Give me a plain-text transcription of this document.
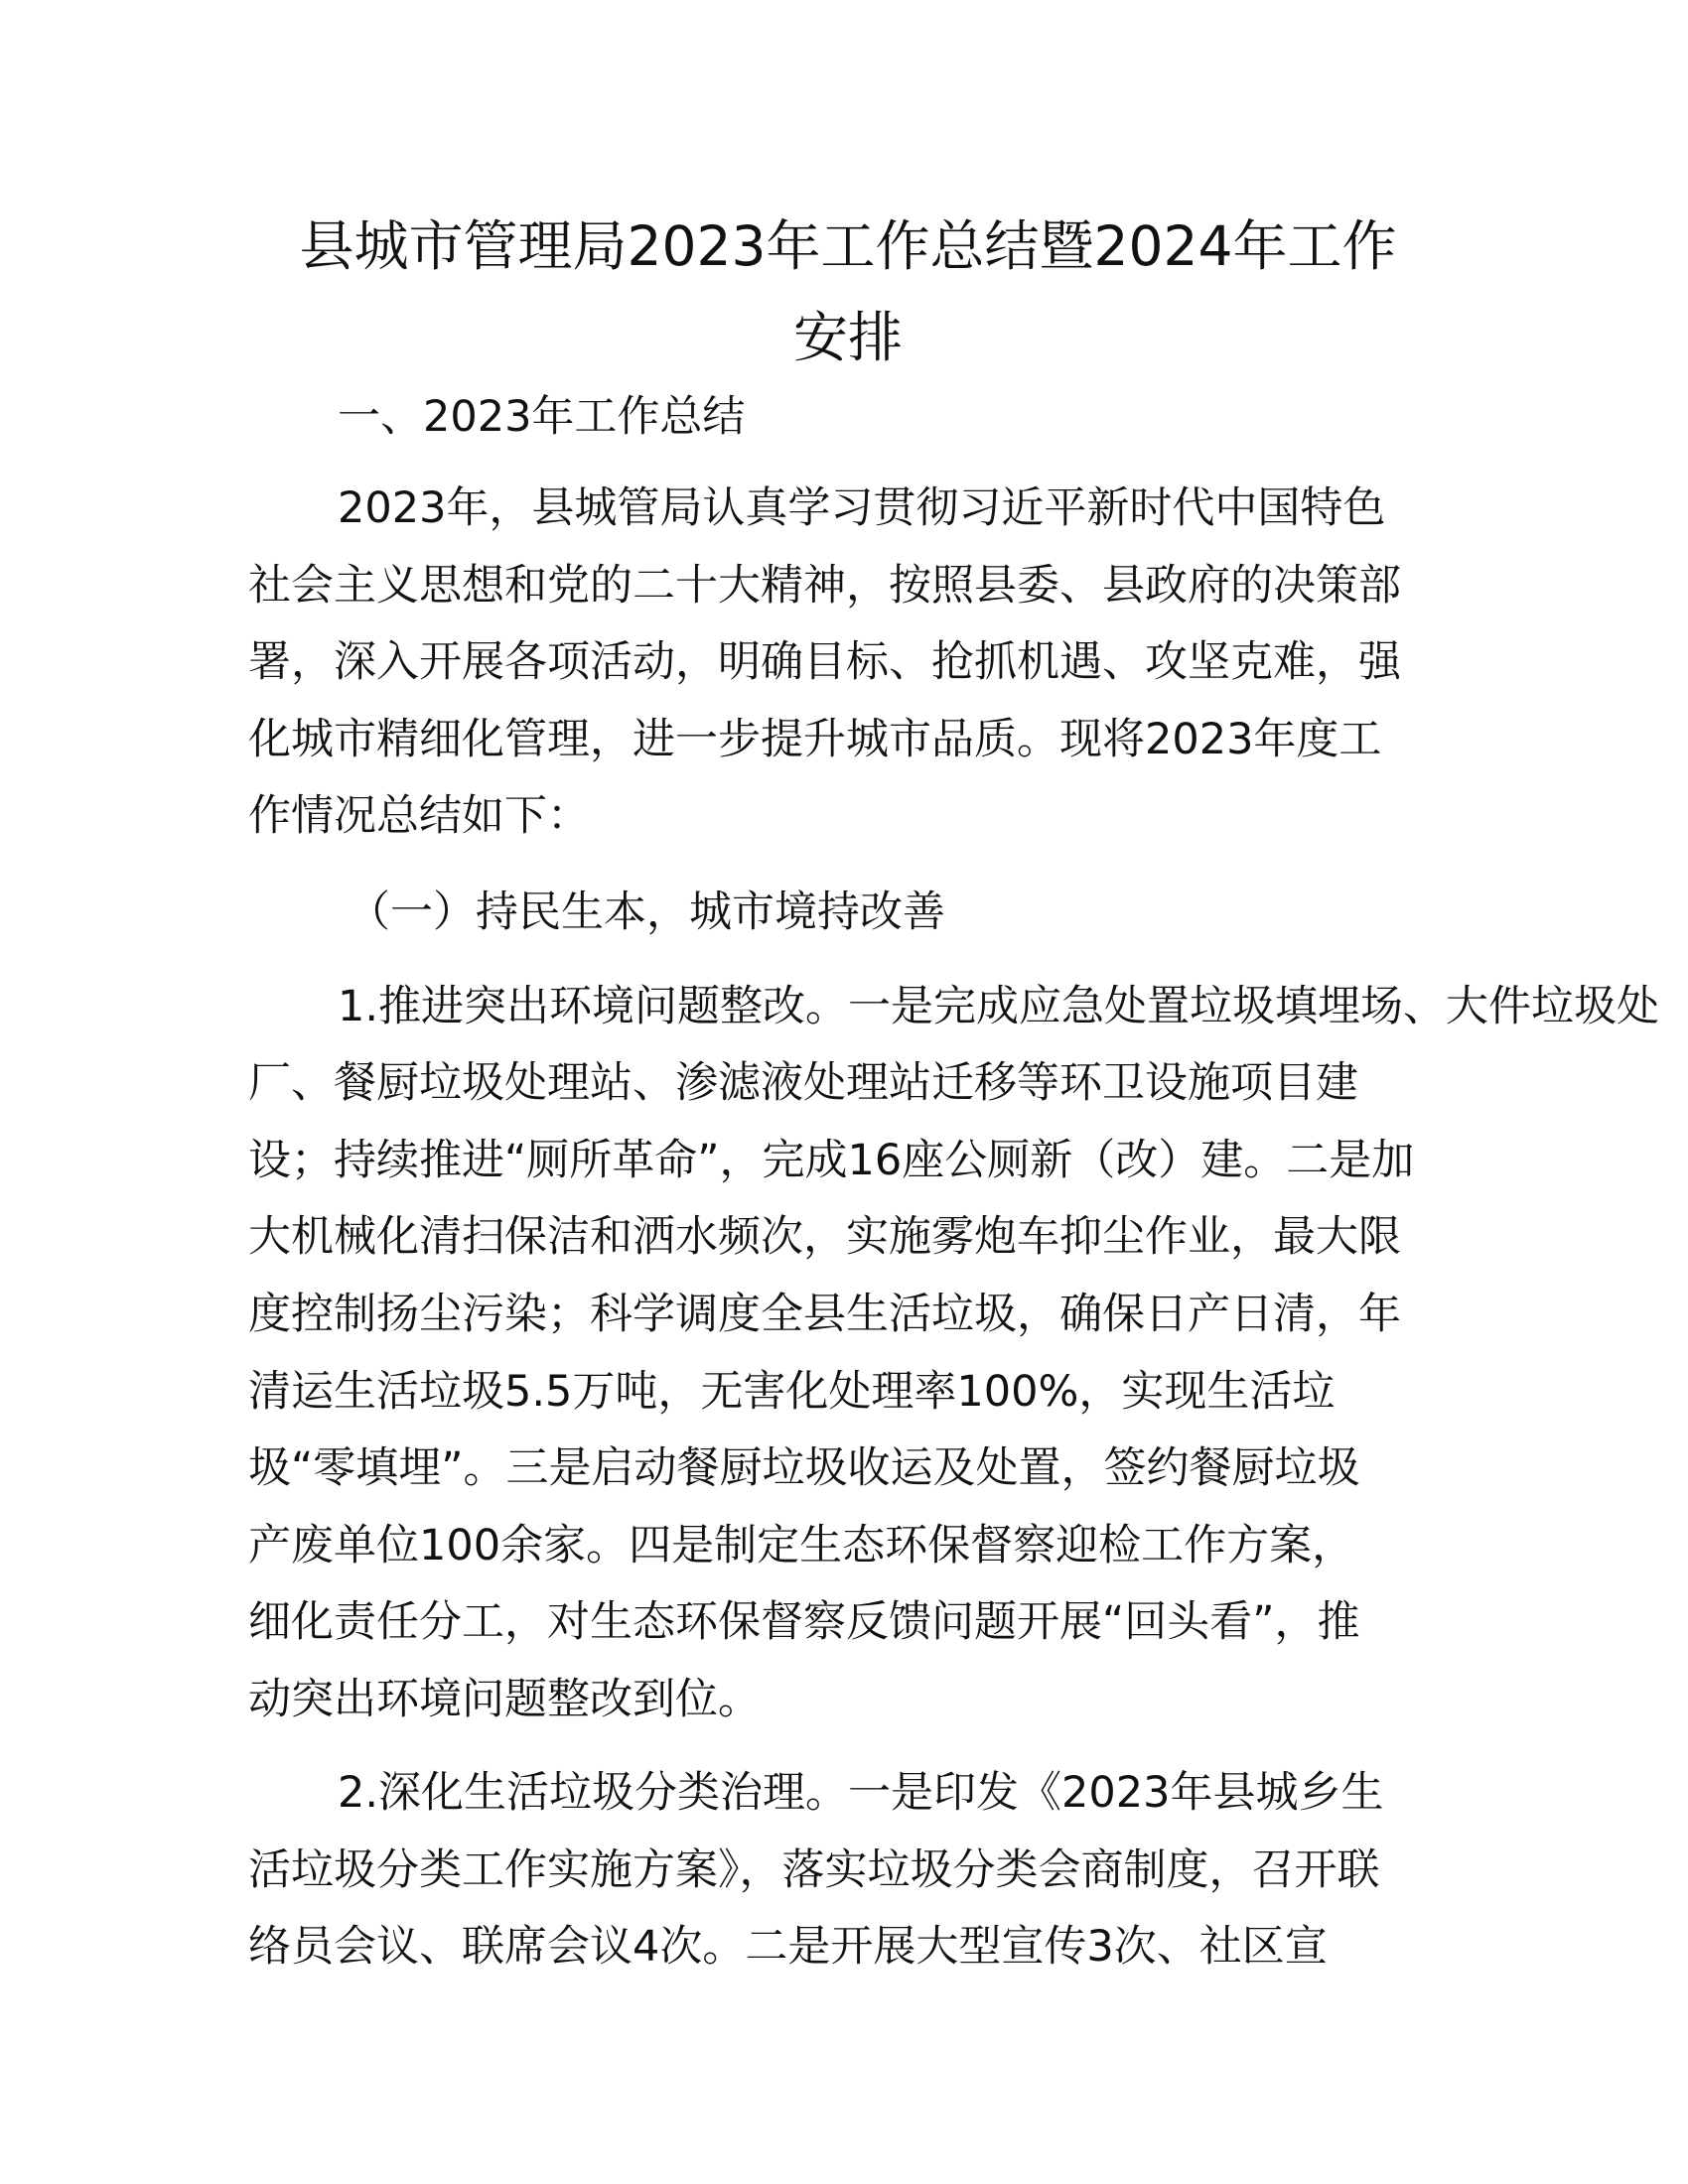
县城市管理局2023年工作总结暨2024年工作
安排

一、2023年工作总结

2023年，县城管局认真学习贯彻习近平新时代中国特色

社会主义思想和党的二十大精神，按照县委、县政府的决策部

署，深入开展各项活动，明确目标、抢抓机遇、攻坚克难，强

化城市精细化管理，进一步提升城市品质。现将2023年度工

作情况总结如下：

（一）持民生本，城市境持改善

1.推进突出环境问题整改。一是完成应急处置垃圾填埋场、大件垃圾处

厂、餐厨垃圾处理站、渗滤液处理站迁移等环卫设施项目建

设；持续推进“厕所革命”，完成16座公厕新（改）建。二是加

大机械化清扫保洁和洒水频次，实施雾炮车抑尘作业，最大限

度控制扬尘污染；科学调度全县生活垃圾，确保日产日清，年

清运生活垃圾5.5万吨，无害化处理率100%，实现生活垃

圾“零填埋”。三是启动餐厨垃圾收运及处置，签约餐厨垃圾

产废单位100余家。四是制定生态环保督察迎检工作方案，

细化责任分工，对生态环保督察反馈问题开展“回头看”，推

动突出环境问题整改到位。

2.深化生活垃圾分类治理。一是印发《2023年县城乡生

活垃圾分类工作实施方案》，落实垃圾分类会商制度，召开联

络员会议、联席会议4次。二是开展大型宣传3次、社区宣
